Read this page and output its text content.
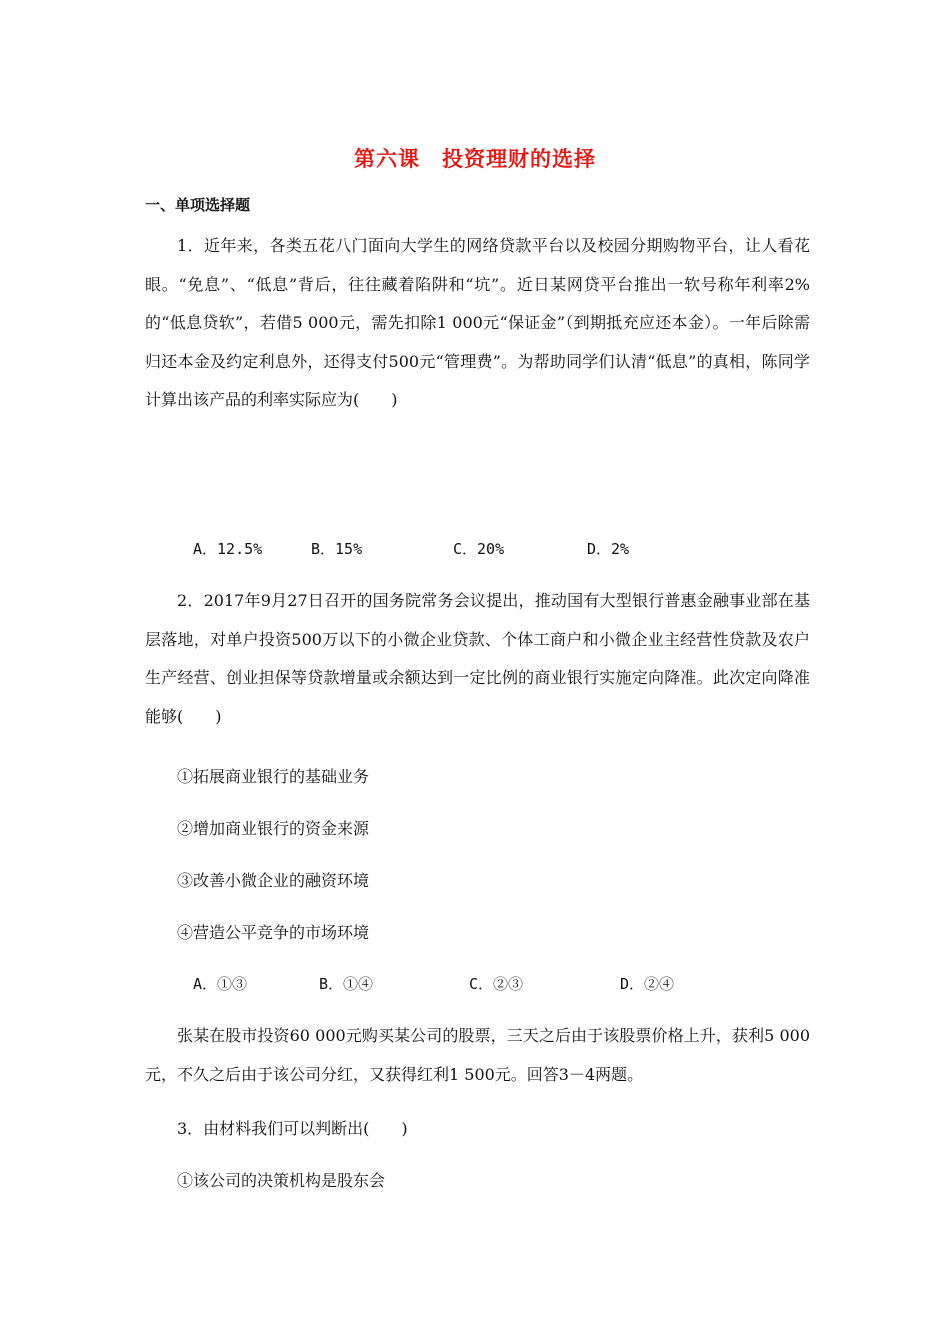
第六课　投资理财的选择
一、单项选择题

1．近年来，各类五花八门面向大学生的网络贷款平台以及校园分期购物平台，让人看花眼。“免息”、“低息”背后，往往藏着陷阱和“坑”。近日某网贷平台推出一软号称年利率2%的“低息贷软”，若借5 000元，需先扣除1 000元“保证金”（到期抵充应还本金）。一年后除需归还本金及约定利息外，还得支付500元“管理费”。为帮助同学们认清“低息”的真相，陈同学计算出该产品的利率实际应为(　　)

A．12.5%	B．15%	C．20%	D．2%

2．2017年9月27日召开的国务院常务会议提出，推动国有大型银行普惠金融事业部在基层落地，对单户投资500万以下的小微企业贷款、个体工商户和小微企业主经营性贷款及农户生产经营、创业担保等贷款增量或余额达到一定比例的商业银行实施定向降准。此次定向降准能够(　　)

①拓展商业银行的基础业务
②增加商业银行的资金来源
③改善小微企业的融资环境
④营造公平竞争的市场环境
A．①③	B．①④	C．②③	D．②④

张某在股市投资60 000元购买某公司的股票，三天之后由于该股票价格上升，获利5 000元，不久之后由于该公司分红，又获得红利1 500元。回答3－4两题。

3．由材料我们可以判断出(　　)
①该公司的决策机构是股东会
